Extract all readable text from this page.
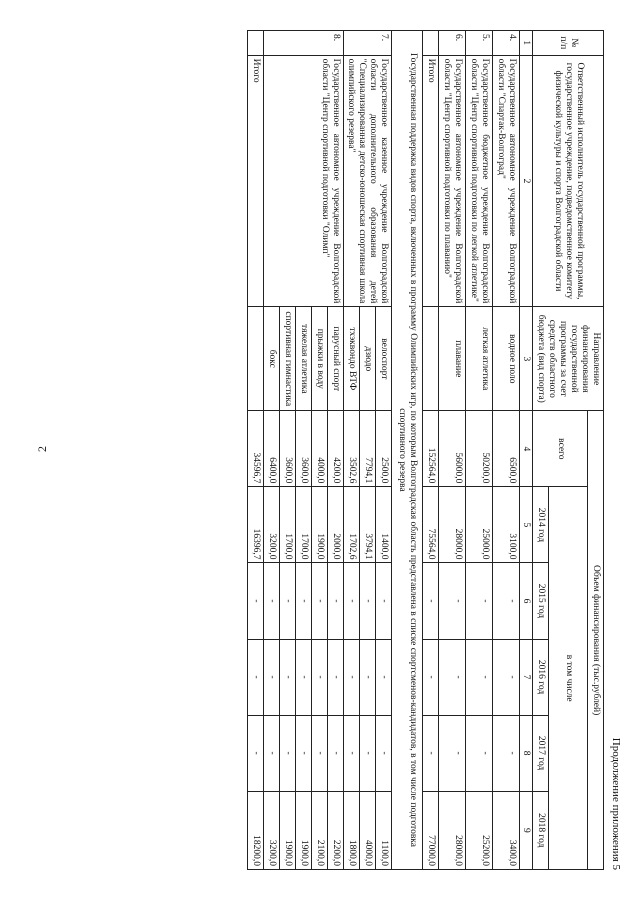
2
Продолжение приложения 5
№ п/п	Ответственный исполнитель государственной программы, государственное учреждение, подведомственное комитету физической культуры и спорта Волгоградской области	Направление финансирования государственной программы за счет средств областного бюджета (вид спорта)	Объем финансирования (тыс.рублей)					
			всего	в том числе				
				2014 год	2015 год	2016 год	2017 год	2018 год
1	2	3	4	5	6	7	8	9
4.	Государственное автономное учреждение Волгоградской области "Спартак-Волгоград"	водное поло	6500,0	3100,0	-	-	-	3400,0
5.	Государственное бюджетное учреждение Волгоградской области "Центр спортивной подготовки по легкой атлетике"	легкая атлетика	50200,0	25000,0	-	-	-	25200,0
6.	Государственное автономное учреждение Волгоградской области "Центр спортивной подготовки по плаванию"	плавание	56000,0	28000,0	-	-	-	28000,0
	Итого		152564,0	75564,0	-	-	-	77000,0
Государственная поддержка видов спорта, включенных в программу Олимпийских игр, по которым Волгоградская область представлена в списке спортсменов-кандидатов, в том числе подготовка спортивного резерва								
7.	Государственное казенное учреждение Волгоградской области дополнительного образования детей "Специализированная детско-юношеская спортивная школа олимпийского резерва"	велоспорт	2500,0	1400,0	-	-	-	1100,0
		дзюдо	7794,1	3794,1	-	-	-	4000,0
		тхэквондо ВТФ	3502,6	1702,6	-	-	-	1800,0
8.	Государственное автономное учреждение Волгоградской области "Центр спортивной подготовки "Олимп"	парусный спорт	4200,0	2000,0	-	-	-	2200,0
		прыжки в воду	4000,0	1900,0	-	-	-	2100,0
		тяжелая атлетика	3600,0	1700,0	-	-	-	1900,0
		спортивная гимнастика	3600,0	1700,0	-	-	-	1900,0
		бокс	6400,0	3200,0	-	-	-	3200,0
	Итого		34596,7	16396,7	-	-	-	18200,0
